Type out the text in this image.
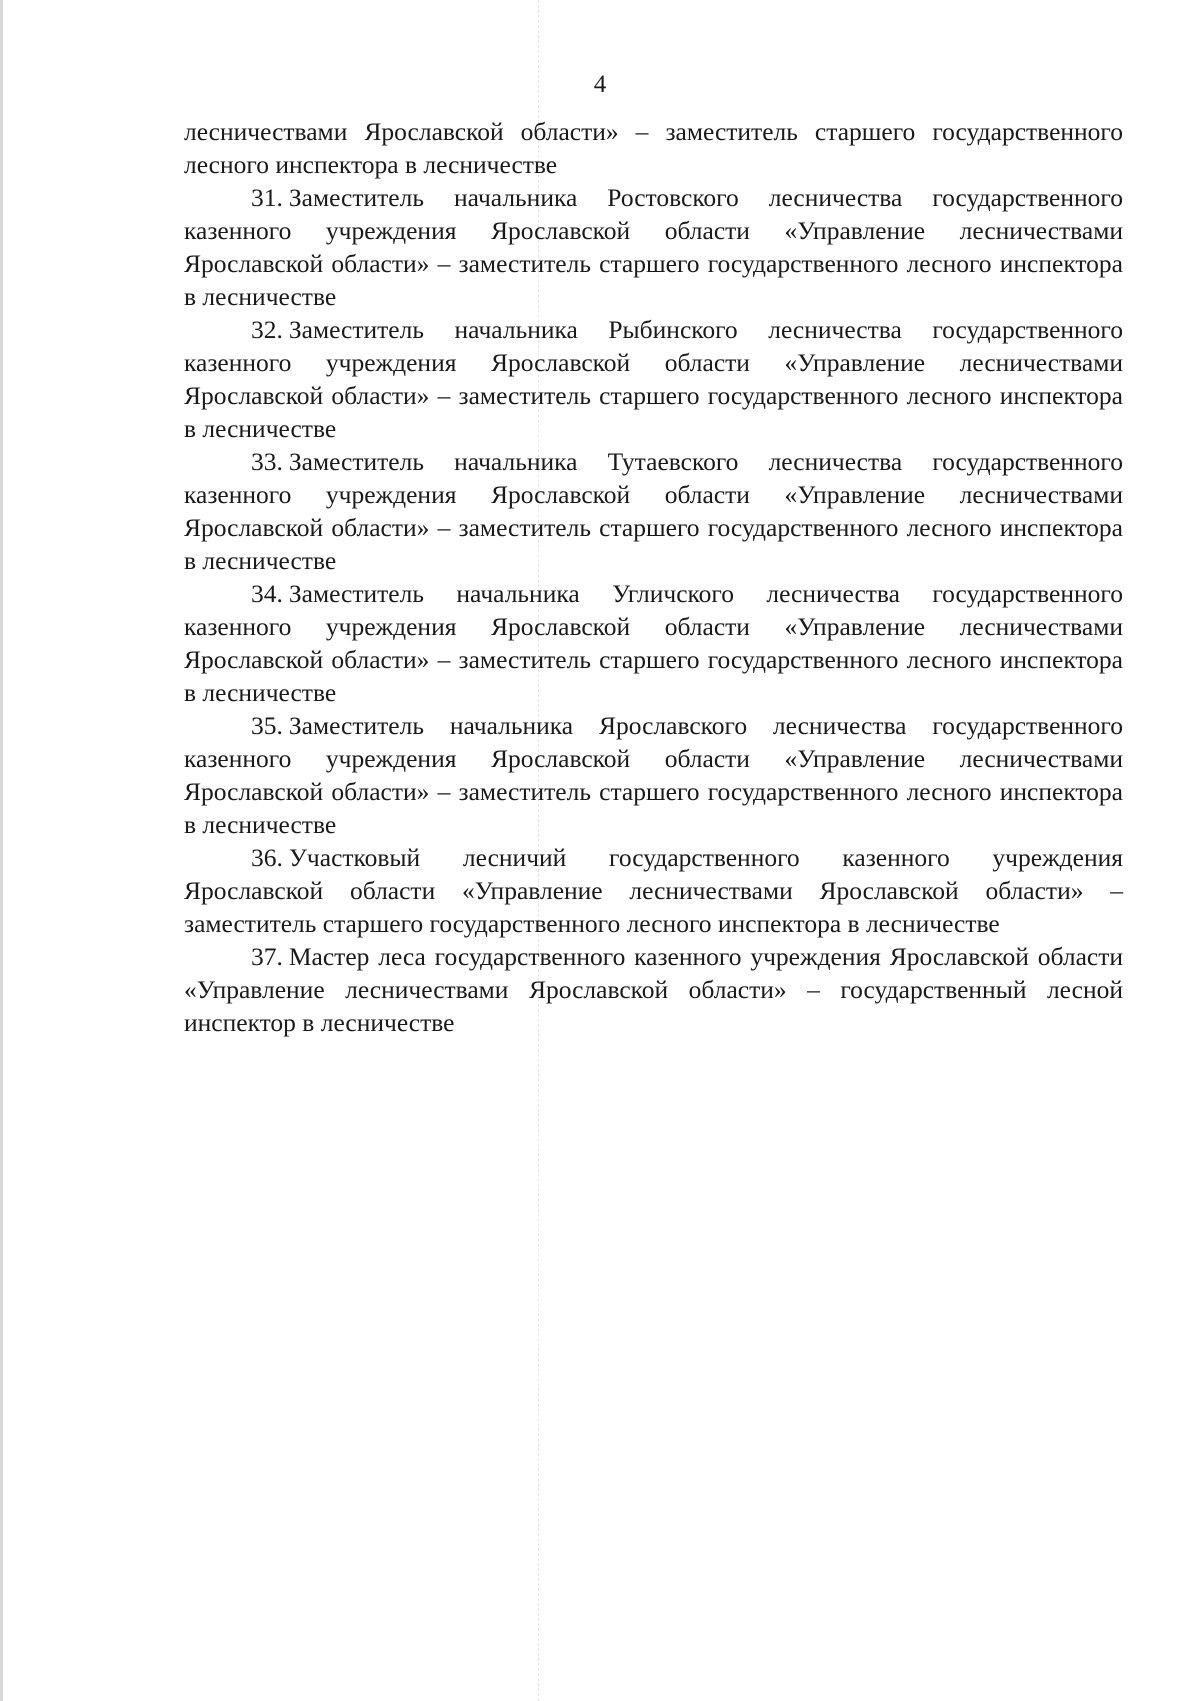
4

лесничествами Ярославской области» – заместитель старшего государственного лесного инспектора в лесничестве

31. Заместитель начальника Ростовского лесничества государственного казенного учреждения Ярославской области «Управление лесничествами Ярославской области» – заместитель старшего государственного лесного инспектора в лесничестве

32. Заместитель начальника Рыбинского лесничества государственного казенного учреждения Ярославской области «Управление лесничествами Ярославской области» – заместитель старшего государственного лесного инспектора в лесничестве

33. Заместитель начальника Тутаевского лесничества государственного казенного учреждения Ярославской области «Управление лесничествами Ярославской области» – заместитель старшего государственного лесного инспектора в лесничестве

34. Заместитель начальника Угличского лесничества государственного казенного учреждения Ярославской области «Управление лесничествами Ярославской области» – заместитель старшего государственного лесного инспектора в лесничестве

35. Заместитель начальника Ярославского лесничества государственного казенного учреждения Ярославской области «Управление лесничествами Ярославской области» – заместитель старшего государственного лесного инспектора в лесничестве

36. Участковый лесничий государственного казенного учреждения Ярославской области «Управление лесничествами Ярославской области» – заместитель старшего государственного лесного инспектора в лесничестве

37. Мастер леса государственного казенного учреждения Ярославской области «Управление лесничествами Ярославской области» – государственный лесной инспектор в лесничестве
